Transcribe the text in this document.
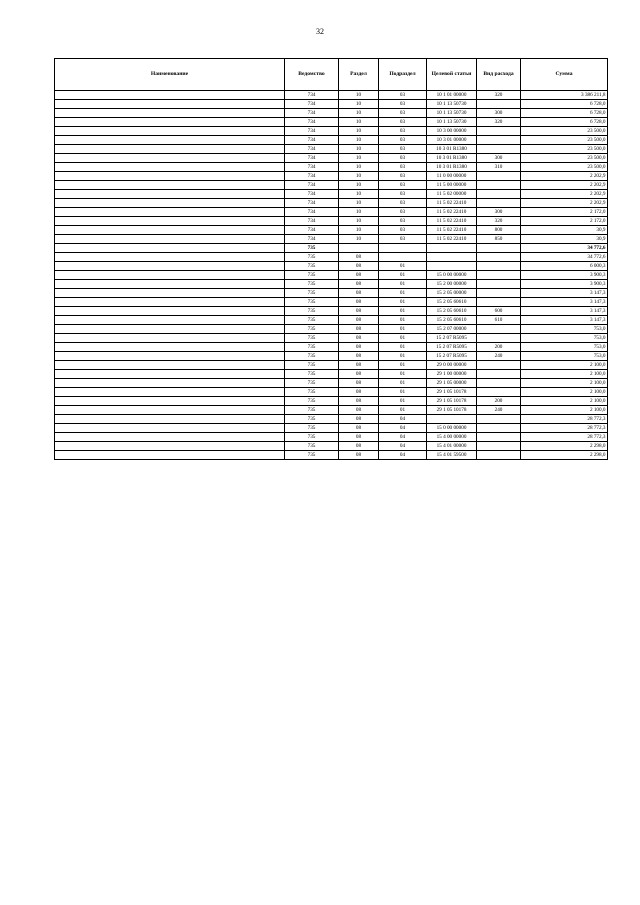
32
Наименование	Ведомство	Раздел	Подраздел	Целевой статьи	Вид расхода	Сумма
	734	10	03	10 1 01 00000	320	3 386 211,8
	734	10	03	10 1 13 50730		6 728,0
	734	10	03	10 1 13 50730	300	6 728,0
	734	10	03	10 1 13 50730	320	6 728,0
	734	10	03	10 3 00 00000		23 500,0
	734	10	03	10 3 01 00000		23 500,0
	734	10	03	10 3 01 R1380		23 500,0
	734	10	03	10 3 01 R1380	300	23 500,0
	734	10	03	10 3 01 R1380	310	23 500,0
	734	10	03	11 0 00 00000		2 202,9
	734	10	03	11 5 00 00000		2 202,9
	734	10	03	11 5 02 00000		2 202,9
	734	10	03	11 5 02 22410		2 202,9
	734	10	03	11 5 02 22410	300	2 172,0
	734	10	03	11 5 02 22410	320	2 172,0
	734	10	03	11 5 02 22410	800	30,9
	734	10	03	11 5 02 22410	850	30,9
	735					34 772,6
	735	08				34 772,6
	735	08	01			6 000,3
	735	08	01	15 0 00 00000		3 900,3
	735	08	01	15 2 00 00000		3 900,3
	735	08	01	15 2 05 00000		3 147,3
	735	08	01	15 2 05 60610		3 147,3
	735	08	01	15 2 05 60610	600	3 147,3
	735	08	01	15 2 05 60610	610	3 147,3
	735	08	01	15 2 07 00000		753,0
	735	08	01	15 2 07 R5095		753,0
	735	08	01	15 2 07 R5095	200	753,0
	735	08	01	15 2 07 R5095	240	753,0
	735	08	01	29 0 00 00000		2 100,0
	735	08	01	29 1 00 00000		2 100,0
	735	08	01	29 1 05 00000		2 100,0
	735	08	01	29 1 05 10178		2 100,0
	735	08	01	29 1 05 10178	200	2 100,0
	735	08	01	29 1 05 10178	240	2 100,0
	735	08	04			28 772,3
	735	08	04	15 0 00 00000		28 772,3
	735	08	04	15 4 00 00000		28 772,3
	735	08	04	15 4 01 00000		2 298,0
	735	08	04	15 4 01 59500		2 298,0
